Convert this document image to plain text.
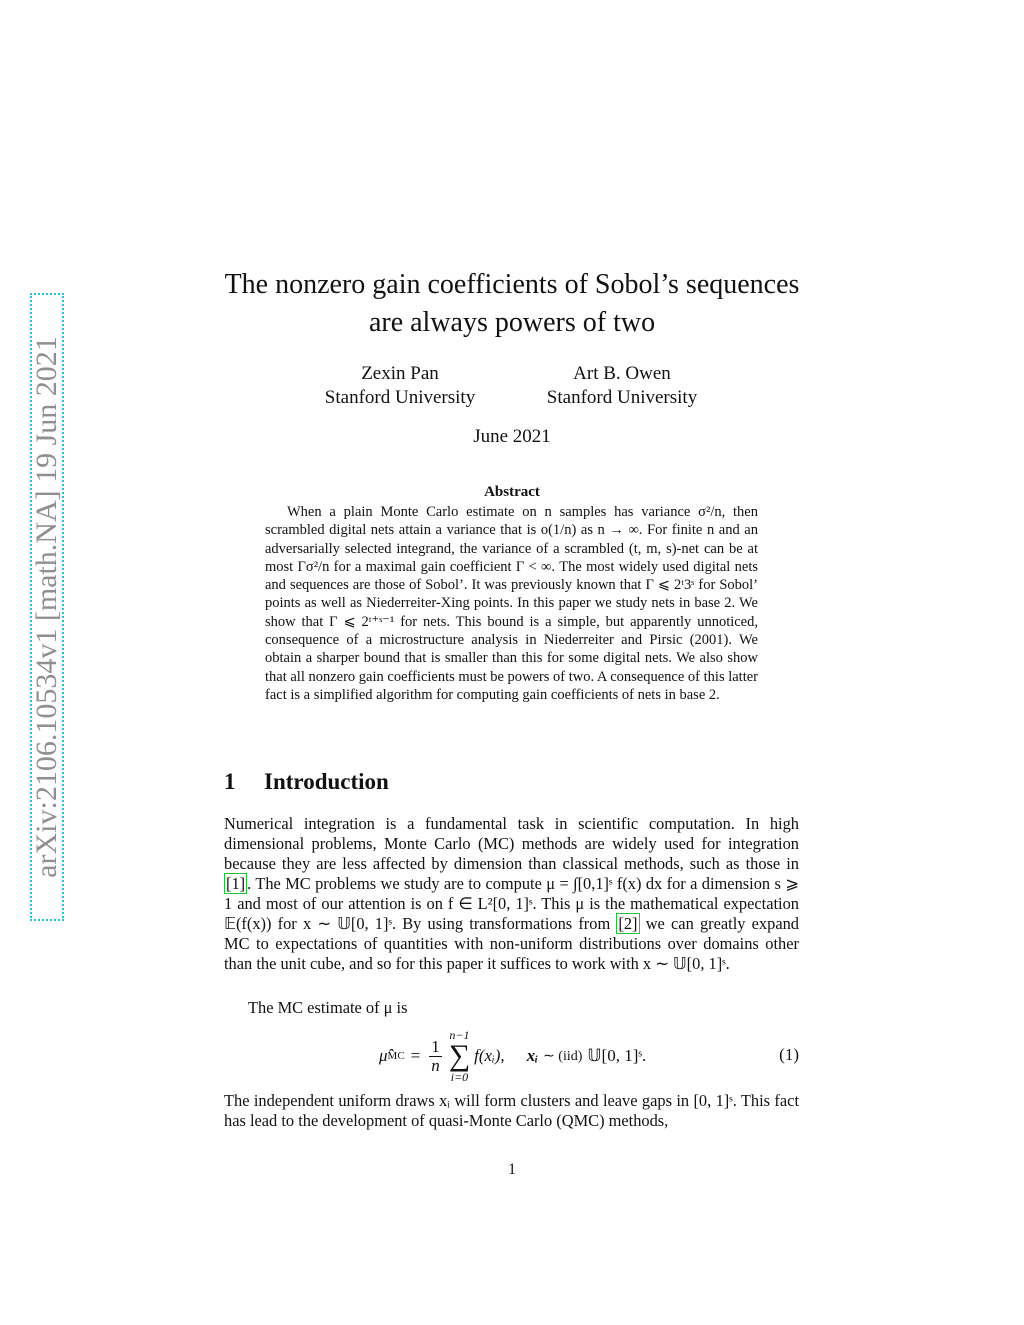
arXiv:2106.10534v1 [math.NA] 19 Jun 2021
The nonzero gain coefficients of Sobol’s sequences
are always powers of two
Zexin Pan
Stanford University
Art B. Owen
Stanford University
June 2021
Abstract

When a plain Monte Carlo estimate on n samples has variance σ²/n, then scrambled digital nets attain a variance that is o(1/n) as n → ∞. For finite n and an adversarially selected integrand, the variance of a scrambled (t, m, s)-net can be at most Γσ²/n for a maximal gain coefficient Γ < ∞. The most widely used digital nets and sequences are those of Sobol’. It was previously known that Γ ⩽ 2ᵗ3ˢ for Sobol’ points as well as Niederreiter-Xing points. In this paper we study nets in base 2. We show that Γ ⩽ 2ᵗ⁺ˢ⁻¹ for nets. This bound is a simple, but apparently unnoticed, consequence of a microstructure analysis in Niederreiter and Pirsic (2001). We obtain a sharper bound that is smaller than this for some digital nets. We also show that all nonzero gain coefficients must be powers of two. A consequence of this latter fact is a simplified algorithm for computing gain coefficients of nets in base 2.

1 Introduction

Numerical integration is a fundamental task in scientific computation. In high dimensional problems, Monte Carlo (MC) methods are widely used for integration because they are less affected by dimension than classical methods, such as those in [1] . The MC problems we study are to compute μ = ∫[0,1]ˢ f(x) dx for a dimension s ⩾ 1 and most of our attention is on f ∈ L²[0, 1]ˢ. This μ is the mathematical expectation 𝔼(f(x)) for x ∼ 𝕌[0, 1]ˢ. By using transformations from [2] we can greatly expand MC to expectations of quantities with non-uniform distributions over domains other than the unit cube, and so for this paper it suffices to work with x ∼ 𝕌[0, 1]ˢ.

The MC estimate of μ is

μ̂ MC = $\frac{1}{n}$
n−1
∑
i=0
f(xᵢ), xᵢ ∼ (iid) 𝕌[0, 1]ˢ.	(1)

The independent uniform draws xᵢ will form clusters and leave gaps in [0, 1]ˢ. This fact has lead to the development of quasi-Monte Carlo (QMC) methods,

1
